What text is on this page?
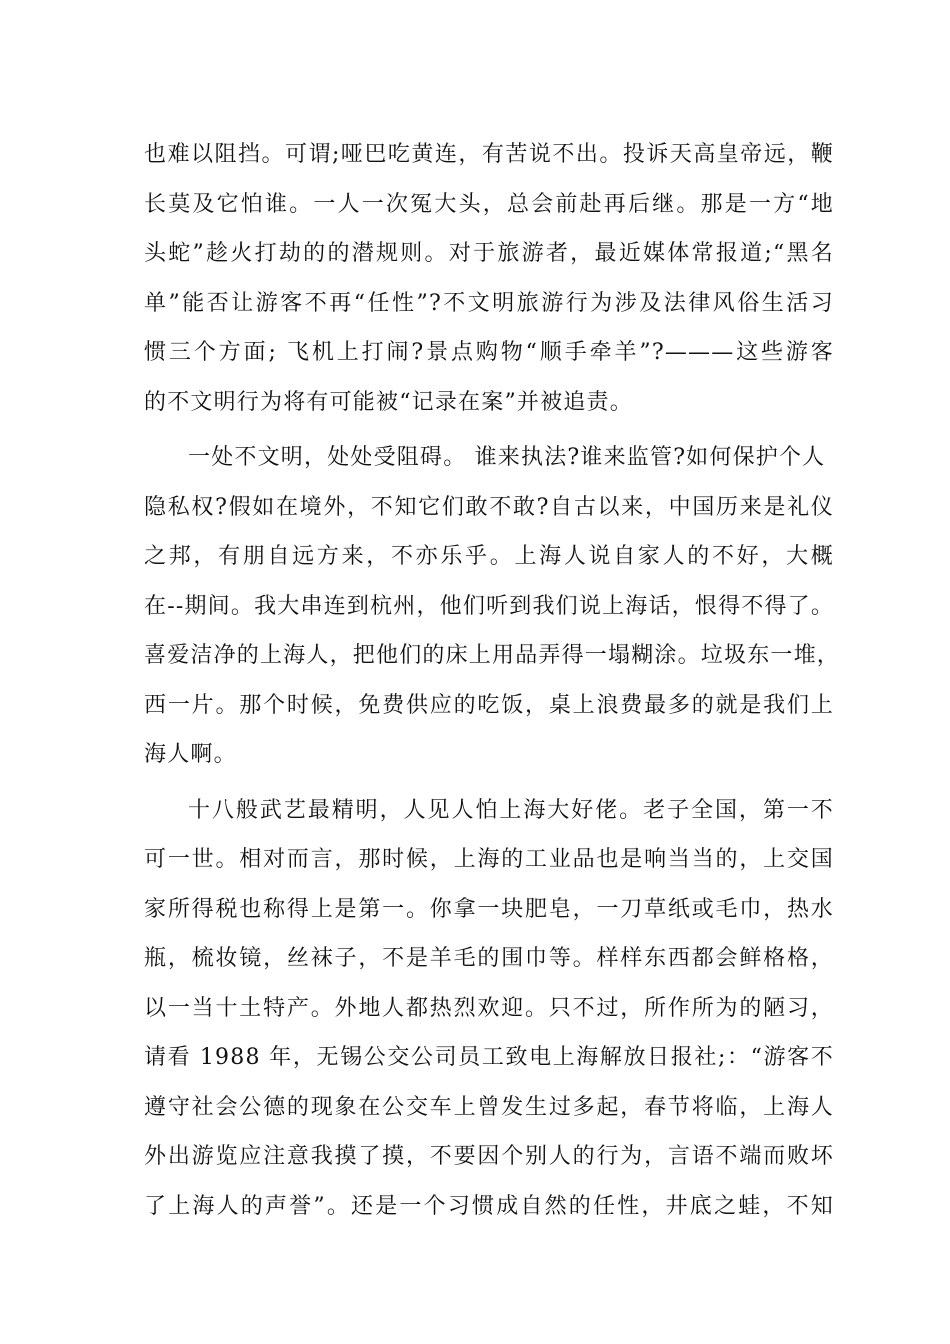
也难以阻挡。可谓;哑巴吃黄连，有苦说不出。投诉天高皇帝远，鞭
长莫及它怕谁。一人一次冤大头，总会前赴再后继。那是一方“地
头蛇”趁火打劫的的潜规则。对于旅游者，最近媒体常报道;“黑名
单”能否让游客不再“任性”?不文明旅游行为涉及法律风俗生活习
惯三个方面; 飞机上打闹?景点购物“顺手牵羊”?———这些游客
的不文明行为将有可能被“记录在案”并被追责。
一处不文明，处处受阻碍。 谁来执法?谁来监管?如何保护个人
隐私权?假如在境外，不知它们敢不敢?自古以来，中国历来是礼仪
之邦，有朋自远方来，不亦乐乎。上海人说自家人的不好，大概
在--期间。我大串连到杭州，他们听到我们说上海话，恨得不得了。
喜爱洁净的上海人，把他们的床上用品弄得一塌糊涂。垃圾东一堆，
西一片。那个时候，免费供应的吃饭，桌上浪费最多的就是我们上
海人啊。
十八般武艺最精明，人见人怕上海大好佬。老子全国，第一不
可一世。相对而言，那时候，上海的工业品也是响当当的，上交国
家所得税也称得上是第一。你拿一块肥皂，一刀草纸或毛巾，热水
瓶，梳妆镜，丝袜子，不是羊毛的围巾等。样样东西都会鲜格格，
以一当十土特产。外地人都热烈欢迎。只不过，所作所为的陋习，
请看 1988 年，无锡公交公司员工致电上海解放日报社;：“游客不
遵守社会公德的现象在公交车上曾发生过多起，春节将临，上海人
外出游览应注意我摸了摸，不要因个别人的行为，言语不端而败坏
了上海人的声誉”。还是一个习惯成自然的任性，井底之蛙，不知
